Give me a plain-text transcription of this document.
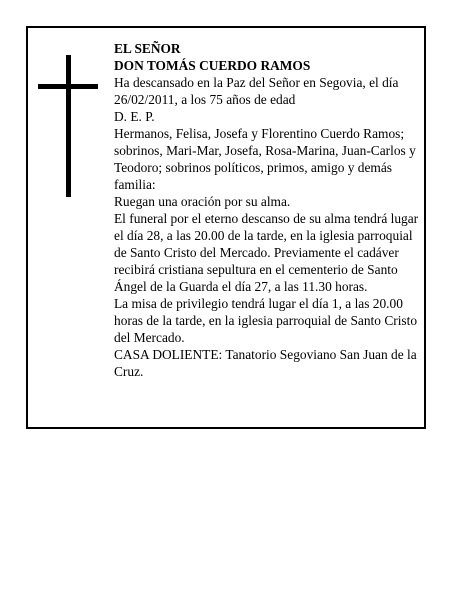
EL SEÑOR

DON TOMÁS CUERDO RAMOS

Ha descansado en la Paz del Señor en Segovia, el día 26/02/2011, a los 75 años de edad

D. E. P.

Hermanos, Felisa, Josefa y Florentino Cuerdo Ramos; sobrinos, Mari-Mar, Josefa, Rosa-Marina, Juan-Carlos y Teodoro; sobrinos políticos, primos, amigo y demás familia:

Ruegan una oración por su alma.

El funeral por el eterno descanso de su alma tendrá lugar el día 28, a las 20.00 de la tarde, en la iglesia parroquial de Santo Cristo del Mercado. Previamente el cadáver recibirá cristiana sepultura en el cementerio de Santo Ángel de la Guarda el día 27, a las 11.30 horas.

La misa de privilegio tendrá lugar el día 1, a las 20.00 horas de la tarde, en la iglesia parroquial de Santo Cristo del Mercado.

CASA DOLIENTE: Tanatorio Segoviano San Juan de la Cruz.
